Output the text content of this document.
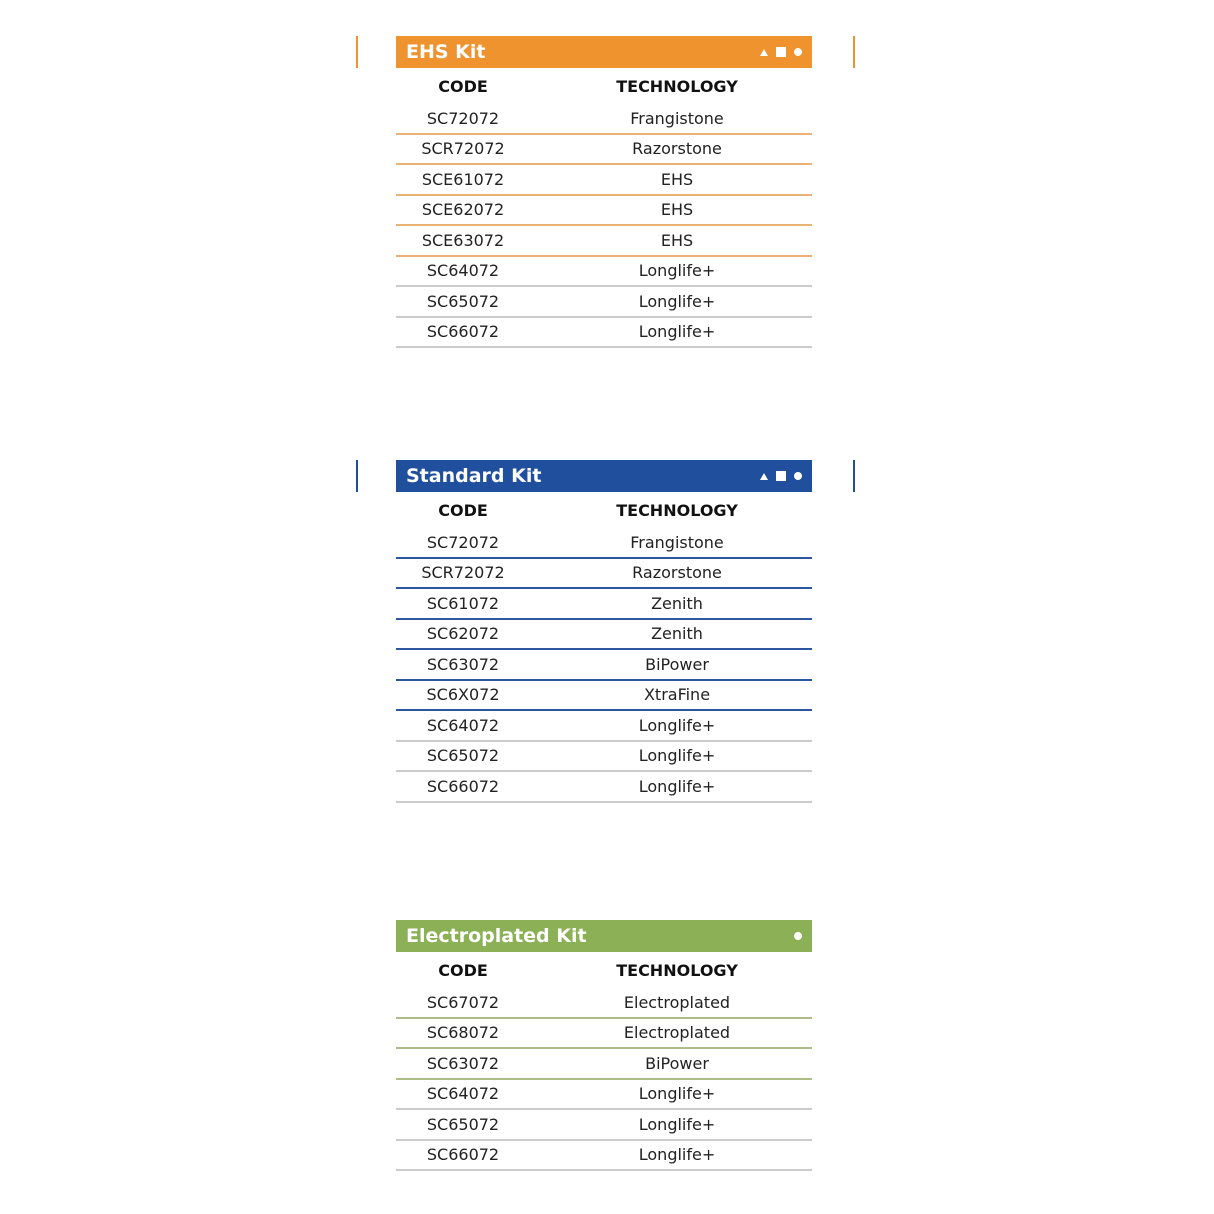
EHS Kit
CODE	TECHNOLOGY
SC72072	Frangistone
SCR72072	Razorstone
SCE61072	EHS
SCE62072	EHS
SCE63072	EHS
SC64072	Longlife+
SC65072	Longlife+
SC66072	Longlife+
Standard Kit
CODE	TECHNOLOGY
SC72072	Frangistone
SCR72072	Razorstone
SC61072	Zenith
SC62072	Zenith
SC63072	BiPower
SC6X072	XtraFine
SC64072	Longlife+
SC65072	Longlife+
SC66072	Longlife+
Electroplated Kit
CODE	TECHNOLOGY
SC67072	Electroplated
SC68072	Electroplated
SC63072	BiPower
SC64072	Longlife+
SC65072	Longlife+
SC66072	Longlife+
